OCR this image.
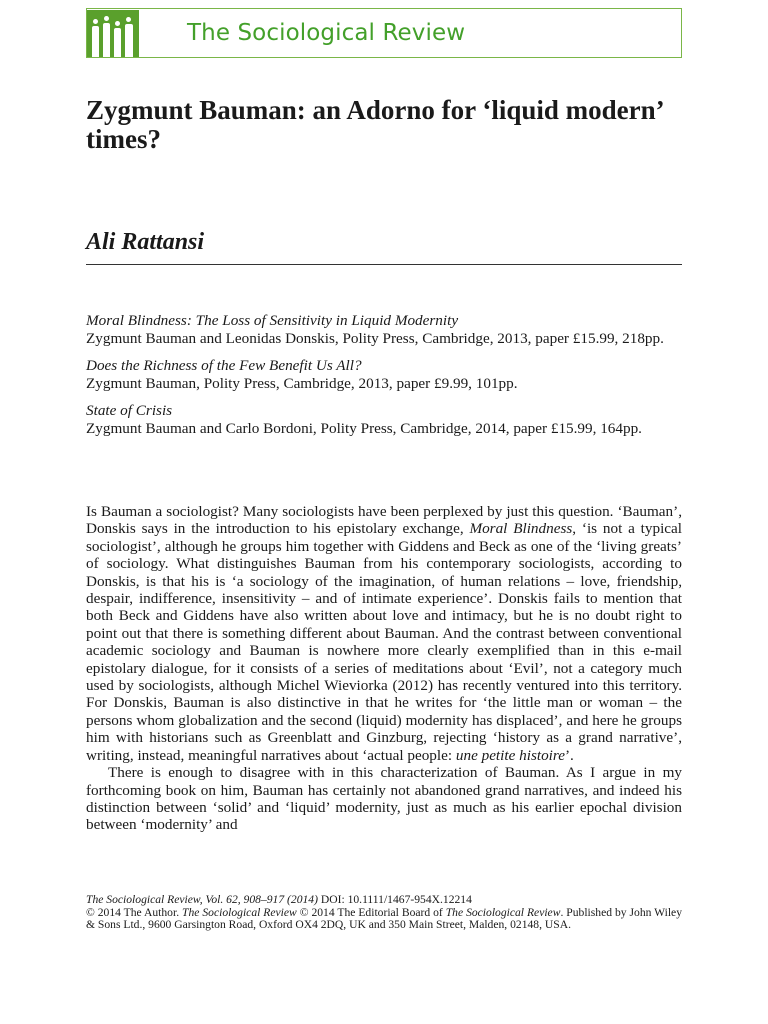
The Sociological Review
Zygmunt Bauman: an Adorno for ‘liquid modern’ times?
Ali Rattansi
Moral Blindness: The Loss of Sensitivity in Liquid Modernity
Zygmunt Bauman and Leonidas Donskis, Polity Press, Cambridge, 2013, paper £15.99, 218pp.
Does the Richness of the Few Benefit Us All?
Zygmunt Bauman, Polity Press, Cambridge, 2013, paper £9.99, 101pp.
State of Crisis
Zygmunt Bauman and Carlo Bordoni, Polity Press, Cambridge, 2014, paper £15.99, 164pp.

Is Bauman a sociologist? Many sociologists have been perplexed by just this question. ‘Bauman’, Donskis says in the introduction to his epistolary exchange, Moral Blindness, ‘is not a typical sociologist’, although he groups him together with Giddens and Beck as one of the ‘living greats’ of sociology. What distinguishes Bauman from his contemporary sociologists, according to Donskis, is that his is ‘a sociology of the imagination, of human relations – love, friendship, despair, indifference, insensitivity – and of intimate experience’. Donskis fails to mention that both Beck and Giddens have also written about love and intimacy, but he is no doubt right to point out that there is something different about Bauman. And the contrast between conventional academic sociology and Bauman is nowhere more clearly exemplified than in this e-mail epistolary dialogue, for it consists of a series of meditations about ‘Evil’, not a category much used by sociologists, although Michel Wieviorka (2012) has recently ventured into this territory. For Donskis, Bauman is also distinctive in that he writes for ‘the little man or woman – the persons whom globalization and the second (liquid) modernity has displaced’, and here he groups him with historians such as Greenblatt and Ginzburg, rejecting ‘history as a grand narrative’, writing, instead, meaningful narratives about ‘actual people: une petite histoire’.

There is enough to disagree with in this characterization of Bauman. As I argue in my forthcoming book on him, Bauman has certainly not abandoned grand narratives, and indeed his distinction between ‘solid’ and ‘liquid’ modernity, just as much as his earlier epochal division between ‘modernity’ and

The Sociological Review, Vol. 62, 908–917 (2014) DOI: 10.1111/1467-954X.12214

© 2014 The Author. The Sociological Review © 2014 The Editorial Board of The Sociological Review. Published by John Wiley & Sons Ltd., 9600 Garsington Road, Oxford OX4 2DQ, UK and 350 Main Street, Malden, 02148, USA.
